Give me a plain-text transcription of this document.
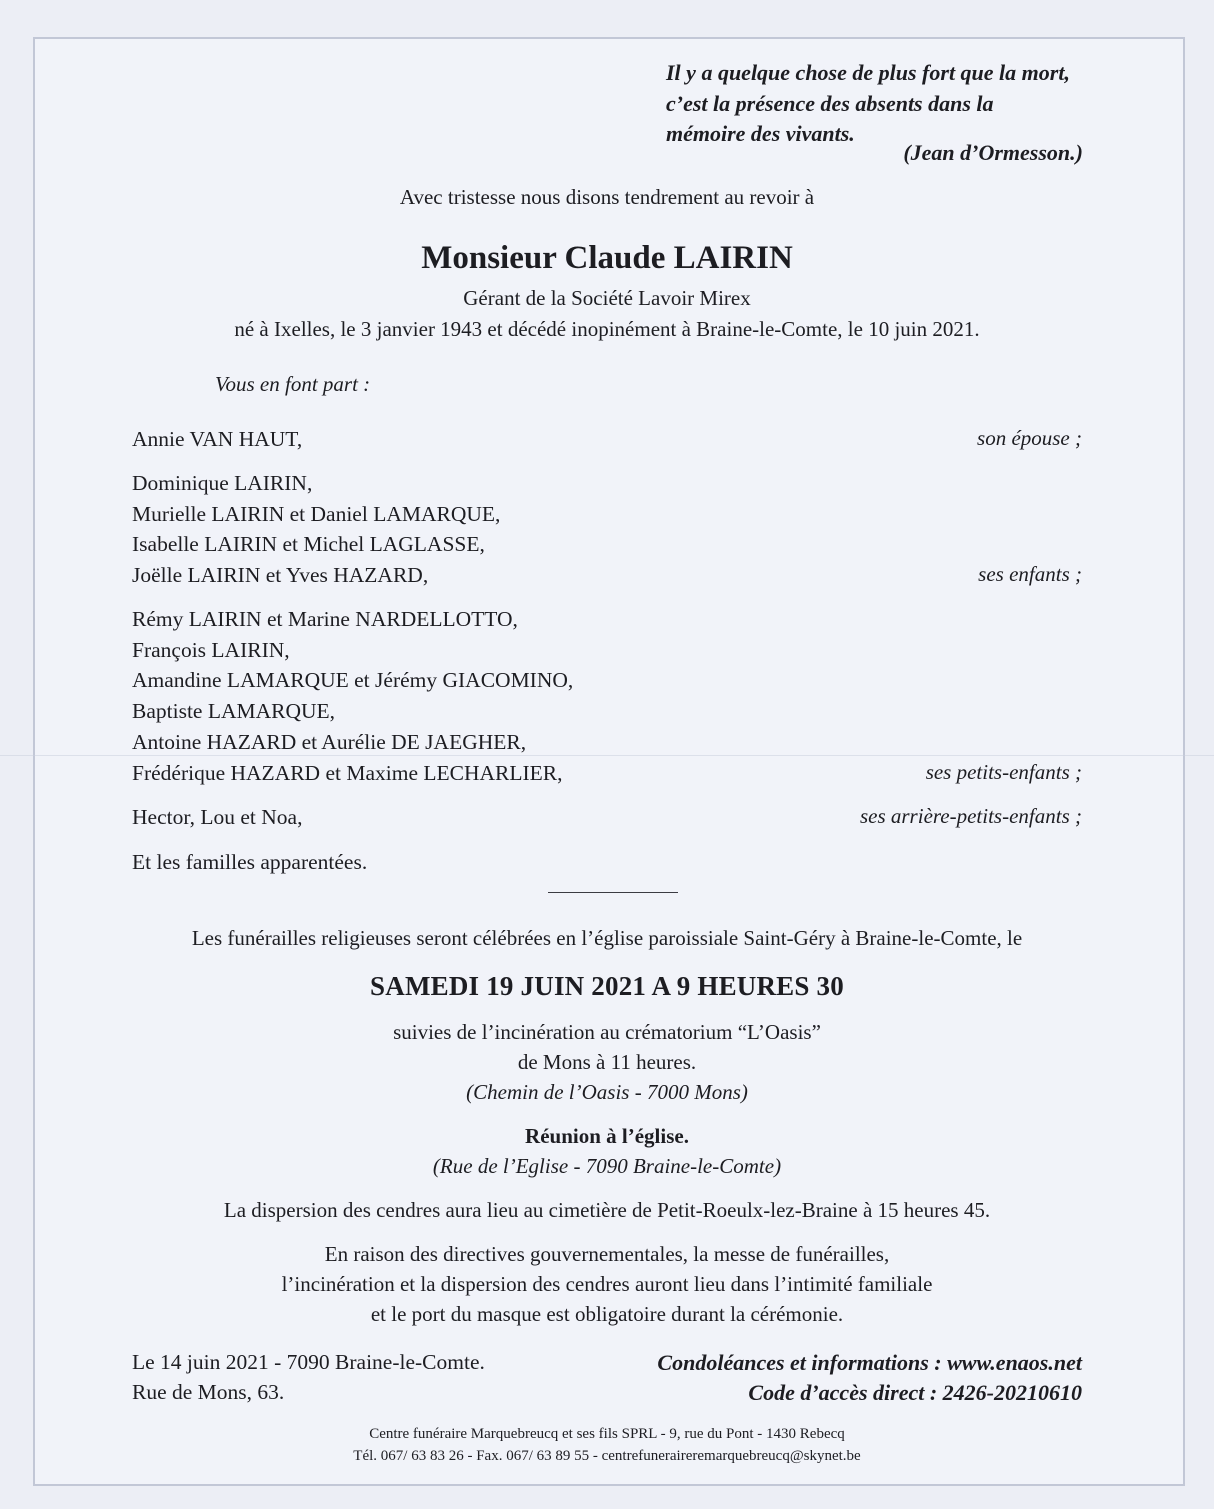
Il y a quelque chose de plus fort que la mort,
c’est la présence des absents dans la
mémoire des vivants.
(Jean d’Ormesson.)
Avec tristesse nous disons tendrement au revoir à
Monsieur Claude LAIRIN
Gérant de la Société Lavoir Mirex
né à Ixelles, le 3 janvier 1943 et décédé inopinément à Braine-le-Comte, le 10 juin 2021.
Vous en font part :
Annie VAN HAUT,	son épouse ;
Dominique LAIRIN,
Murielle LAIRIN et Daniel LAMARQUE,
Isabelle LAIRIN et Michel LAGLASSE,
Joëlle LAIRIN et Yves HAZARD,	ses enfants ;
Rémy LAIRIN et Marine NARDELLOTTO,
François LAIRIN,
Amandine LAMARQUE et Jérémy GIACOMINO,
Baptiste LAMARQUE,
Antoine HAZARD et Aurélie DE JAEGHER,
Frédérique HAZARD et Maxime LECHARLIER,	ses petits-enfants ;
Hector, Lou et Noa,	ses arrière-petits-enfants ;
Et les familles apparentées.
Les funérailles religieuses seront célébrées en l’église paroissiale Saint-Géry à Braine-le-Comte, le
SAMEDI 19 JUIN 2021 A 9 HEURES 30
suivies de l’incinération au crématorium “L’Oasis”
de Mons à 11 heures.
(Chemin de l’Oasis - 7000 Mons)
Réunion à l’église.
(Rue de l’Eglise - 7090 Braine-le-Comte)
La dispersion des cendres aura lieu au cimetière de Petit-Roeulx-lez-Braine à 15 heures 45.
En raison des directives gouvernementales, la messe de funérailles,
l’incinération et la dispersion des cendres auront lieu dans l’intimité familiale
et le port du masque est obligatoire durant la cérémonie.
Le 14 juin 2021 - 7090 Braine-le-Comte.
Rue de Mons, 63.
Condoléances et informations : www.enaos.net
Code d’accès direct : 2426-20210610
Centre funéraire Marquebreucq et ses fils SPRL - 9, rue du Pont - 1430 Rebecq
Tél. 067/ 63 83 26 - Fax. 067/ 63 89 55 - centrefuneraireremarquebreucq@skynet.be
